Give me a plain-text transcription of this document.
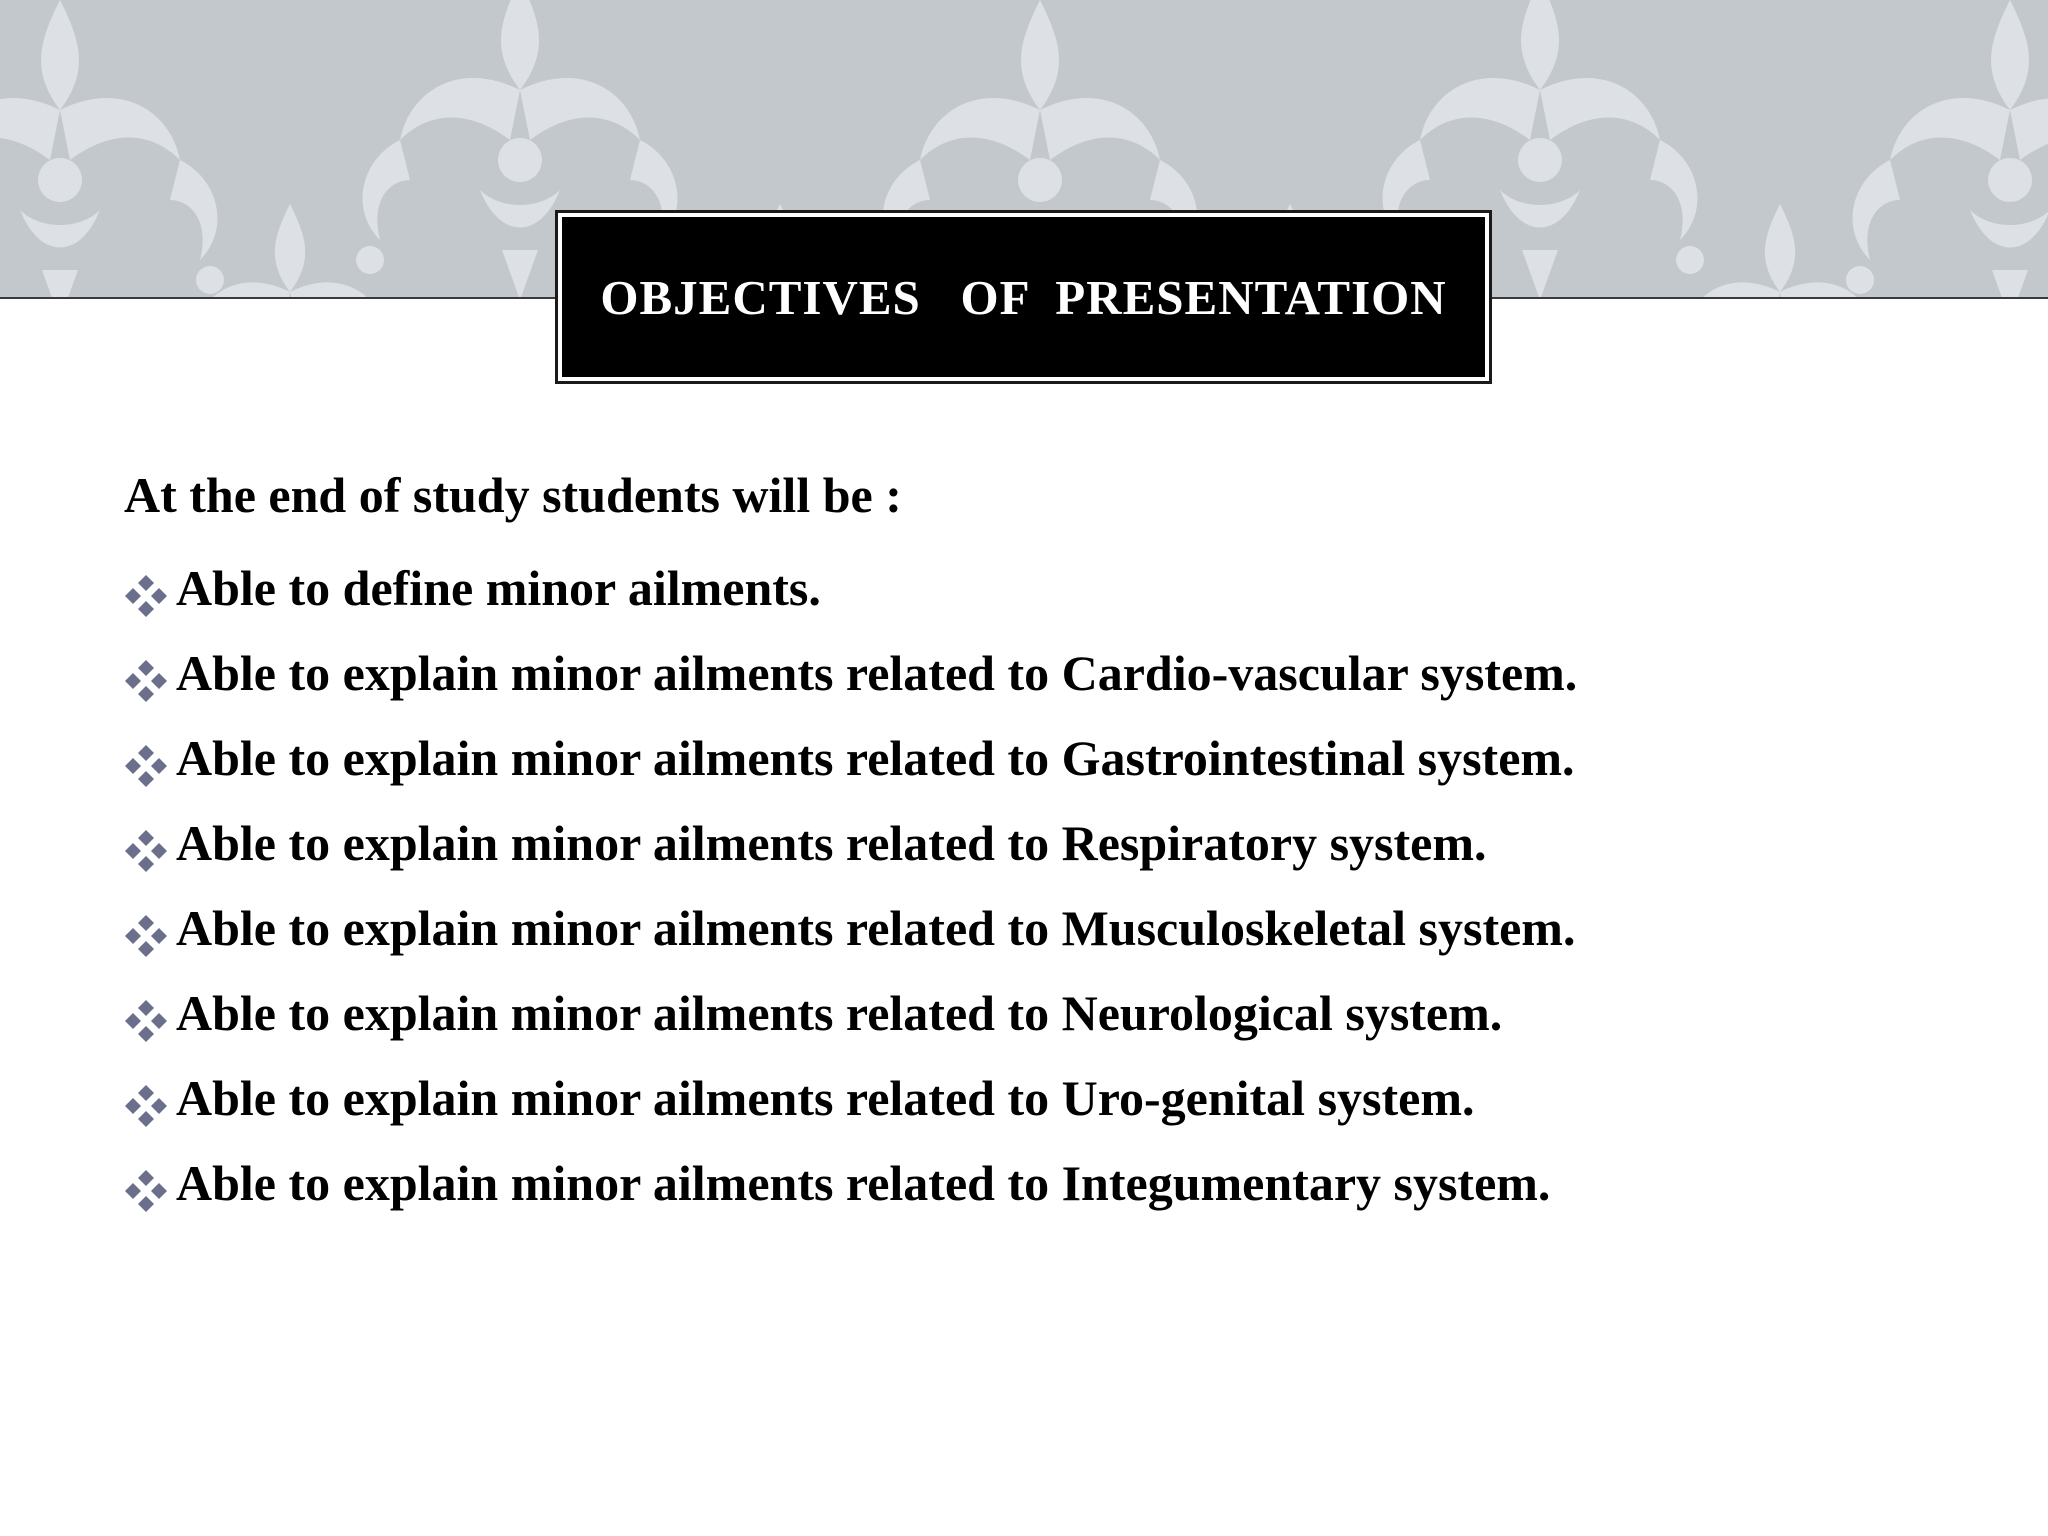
OBJECTIVES   OF  PRESENTATION
At the end of study students will be :
Able to define minor ailments.
Able to explain minor ailments related to Cardio-vascular system.
Able to explain minor ailments related to Gastrointestinal system.
Able to explain minor ailments related to Respiratory system.
Able to explain minor ailments related to Musculoskeletal system.
Able to explain minor ailments related to Neurological system.
Able to explain minor ailments related to Uro-genital system.
Able to explain minor ailments related to Integumentary system.
